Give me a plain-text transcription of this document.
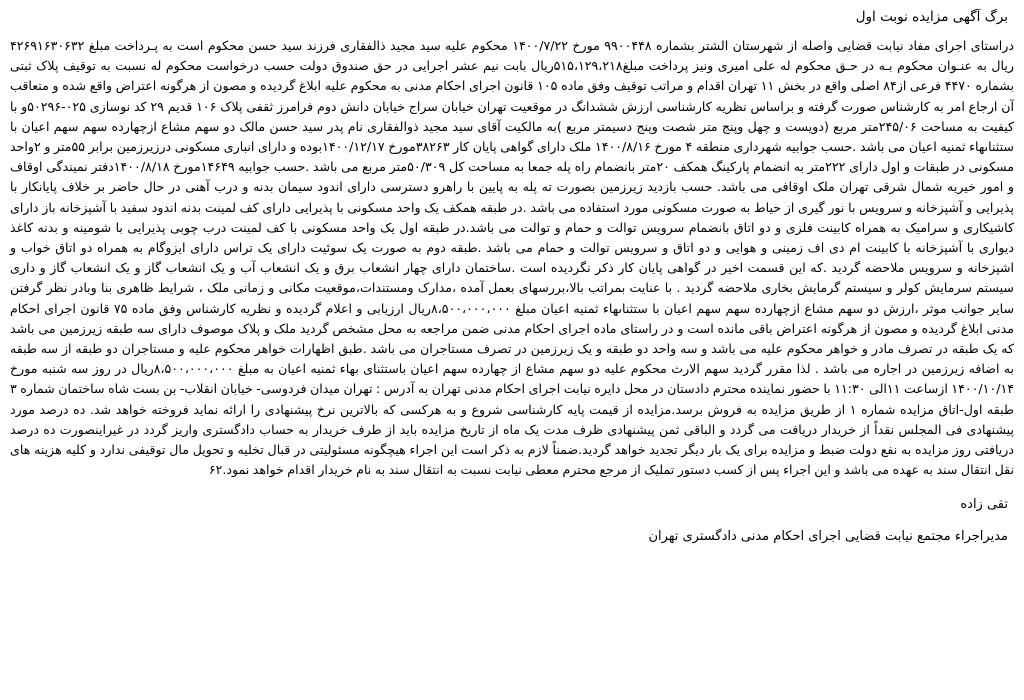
برگ آگهی مزایده نوبت اول

دراستای اجرای مفاد نیابت قضایی واصله از شهرستان الشتر بشماره ۹۹۰۰۴۴۸ مورخ ۱۴۰۰/۷/۲۲ محکوم علیه سید مجید ذالفقاری فرزند سید حسن محکوم است به پـرداخت مبلغ ۴۲۶۹۱۶۳۰۶۳۲ ریال به عنـوان محکوم بـه در حـق محکوم له علی امیری ونیز پرداخت مبلغ۵۱۵،۱۲۹،۲۱۸ریال بابت نیم عشر اجرایی در حق صندوق دولت حسب درخواست محکوم له نسبت به توقیف پلاک ثبتی بشماره ۴۴۷۰ فرعی از۸۴ اصلی واقع در بخش ۱۱ تهران اقدام و مراتب توقیف وفق ماده ۱۰۵ قانون اجرای احکام مدنی به محکوم علیه ابلاغ گردیده و مصون از هرگونه اعتراض واقع شده و متعاقب آن ارجاع امر به کارشناس صورت گرفته و براساس نظریه کارشناسی ارزش ششدانگ در موقعیت تهران خیابان سراج خیابان دانش دوم فرامرز ثقفی پلاک ۱۰۶ قدیم ۲۹ کد نوسازی ۰۲۵-۵۰۲۹۶و با کیفیت به مساحت ۲۴۵/۰۶متر مربع (دویست و چهل وپنج متر شصت وپنج دسیمتر مربع )به مالکیت آقای سید مجید ذوالفقاری نام پدر سید حسن مالک دو سهم مشاع ازچهارده سهم سهم اعیان با ستثناىهاء ثمنیه اعیان می باشد .حسب جوابیه شهرداری منطقه ۴ مورخ ۱۴۰۰/۸/۱۶ ملک دارای گواهی پایان کار ۳۸۲۶۳مورخ ۱۴۰۰/۱۲/۱۷بوده و دارای انباری مسکونی درزیرزمین برابر ۵۵متر و ۲واحد مسکونی در طبقات و اول دارای ۲۲۲متر به انضمام پارکینگ همکف ۲۰متر بانضمام راه پله جمعا به مساحت کل ۵۰/۳۰۹متر مربع می باشد .حسب جوابیه ۱۴۶۴۹مورخ ۱۴۰۰/۸/۱۸دفتر نمیندگی اوقاف و امور خیریه شمال شرقی تهران ملک اوقافی می باشد. حسب بازدید زیرزمین بصورت ته پله به پایین با راهرو دسترسی دارای اندود سیمان بدنه و درب آهنی در حال حاضر بر خلاف پایانکار با پذیرایی و آشپزخانه و سرویس با نور گیری از حیاط به صورت مسکونی مورد استفاده می باشد .در طبقه همکف یک واحد مسکونی با پذیرایی دارای کف لمینت بدنه اندود سفید با آشپزخانه باز دارای کاشیکاری و سرامیک به همراه کابینت فلزی و دو اتاق بانضمام سرویس توالت و حمام و توالت می باشد.در طبقه اول یک واحد مسکونی با کف لمینت درب چوبی پذیرایی با شومینه و بدنه کاغذ دیواری با آشپزخانه با کابینت ام دی اف زمینی و هوایی و دو اتاق و سرویس توالت و حمام می باشد .طبقه دوم به صورت یک سوئیت دارای یک تراس دارای ایزوگام به همراه دو اتاق خواب و اشپزخانه و سرویس ملاحضه گردید .که این قسمت اخیر در گواهی پایان کار ذکر نگردیده است .ساختمان دارای چهار انشعاب برق و یک انشعاب آب و یک انشعاب گاز و یک انشعاب گاز و داری سیستم سرمایش کولر و سیستم گرمایش بخاری ملاحضه گردید . با عنایت بمراتب بالا،بررسهای بعمل آمده ،مدارک ومستندات،موقعیت مکانی و زمانی ملک ، شرایط ظاهری بنا وبادر نظر گرفتن سایر جوانب موثر ،ارزش دو سهم مشاع ازچهارده سهم سهم اعیان با ستثناىهاء ثمنیه اعیان مبلغ ۸،۵۰۰،۰۰۰،۰۰۰ریال ارزیابی و اعلام گردیده و نظریه کارشناس وفق ماده ۷۵ قانون اجرای احکام مدنی ابلاغ گردیده و مصون از هرگونه اعتراض باقی مانده است و در راستای ماده اجرای احکام مدنی ضمن مراجعه به محل مشخص گردید ملک و پلاک موصوف دارای سه طبقه زیرزمین می باشد که یک طبقه در تصرف مادر و خواهر محکوم علیه می باشد و سه واحد دو طبقه و یک زیرزمین در تصرف مستاجران می باشد .طبق اظهارات خواهر محکوم علیه و مستاجران دو طبقه از سه طبقه به اضافه زیرزمین در اجاره می باشد . لذا مقرر گردید سهم الارث محکوم علیه دو سهم مشاع از چهارده سهم اعیان باستثنای بهاء ثمنیه اعیان به مبلغ ۸،۵۰۰،۰۰۰،۰۰۰ریال در روز سه شنبه مورخ ۱۴۰۰/۱۰/۱۴ ازساعت ۱۱الی ۱۱:۳۰ با حضور نماینده محترم دادستان در محل دایره نیابت اجرای احکام مدنی تهران به آدرس : تهران میدان فردوسی- خیابان انقلاب- بن بست شاه ساختمان شماره ۳ طبقه اول-اتاق مزایده شماره ۱ از طریق مزایده به فروش برسد.مزایده از قیمت پایه کارشناسی شروع و به هرکسی که بالاترین نرخ پیشنهادی را ارائه نماید فروخته خواهد شد. ده درصد مورد پیشنهادی فی المجلس نقداً از خریدار دریافت می گردد و الباقی ثمن پیشنهادی ظرف مدت یک ماه از تاریخ مزایده باید از طرف خریدار به حساب دادگستری واریز گردد در غیراینصورت ده درصد دریافتی روز مزایده به نفع دولت ضبط و مزایده برای یک بار دیگر تجدید خواهد گردید.ضمناً لازم به ذکر است این اجراء هیچگونه مسئولیتی در قبال تخلیه و تحویل مال توقیفی ندارد و کلیه هزینه های نقل انتقال سند به عهده می باشد و این اجراء پس از کسب دستور تملیک از مرجع محترم معطی نیابت نسبت به انتقال سند به نام خریدار اقدام خواهد نمود.۶۲

تقی زاده
مدیراجراء مجتمع نیابت قضایی اجرای احکام مدنی دادگستری تهران
